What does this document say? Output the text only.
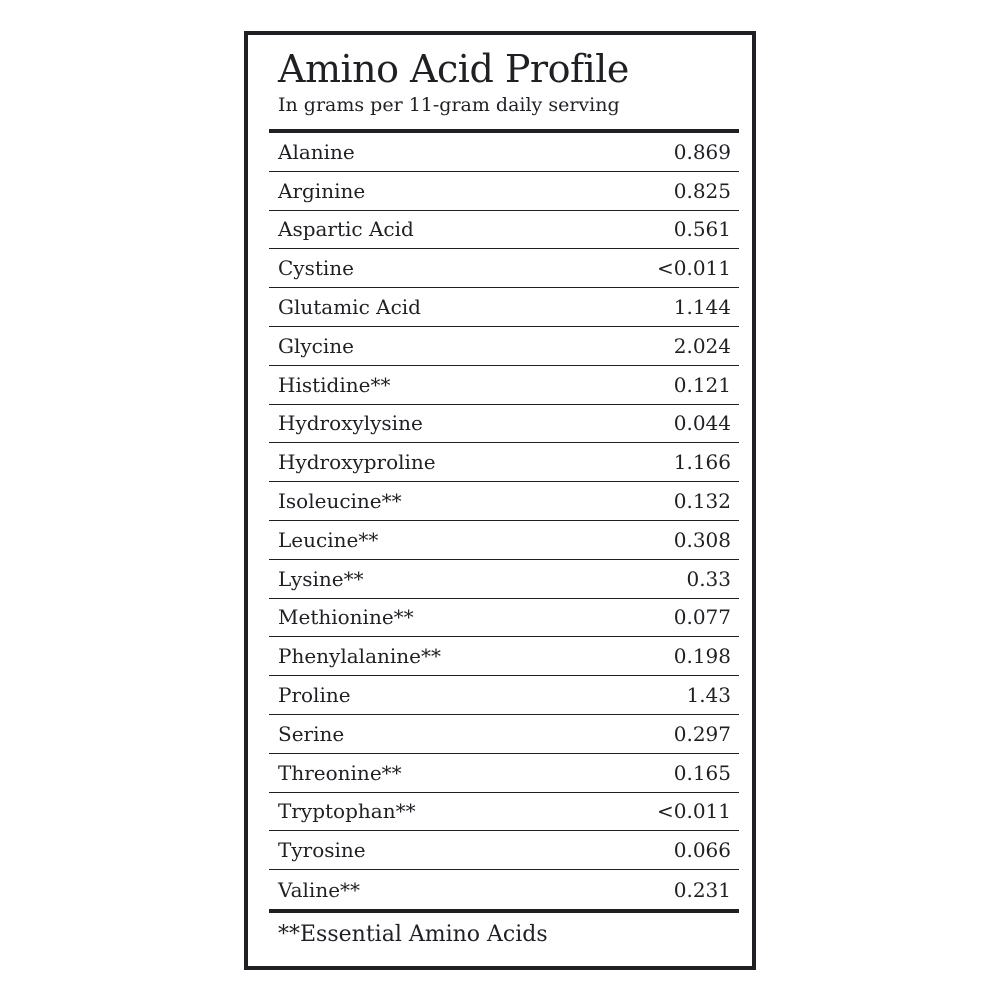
Amino Acid Profile
In grams per 11-gram daily serving
Alanine	0.869
Arginine	0.825
Aspartic Acid	0.561
Cystine	<0.011
Glutamic Acid	1.144
Glycine	2.024
Histidine**	0.121
Hydroxylysine	0.044
Hydroxyproline	1.166
Isoleucine**	0.132
Leucine**	0.308
Lysine**	0.33
Methionine**	0.077
Phenylalanine**	0.198
Proline	1.43
Serine	0.297
Threonine**	0.165
Tryptophan**	<0.011
Tyrosine	0.066
Valine**	0.231
**Essential Amino Acids
